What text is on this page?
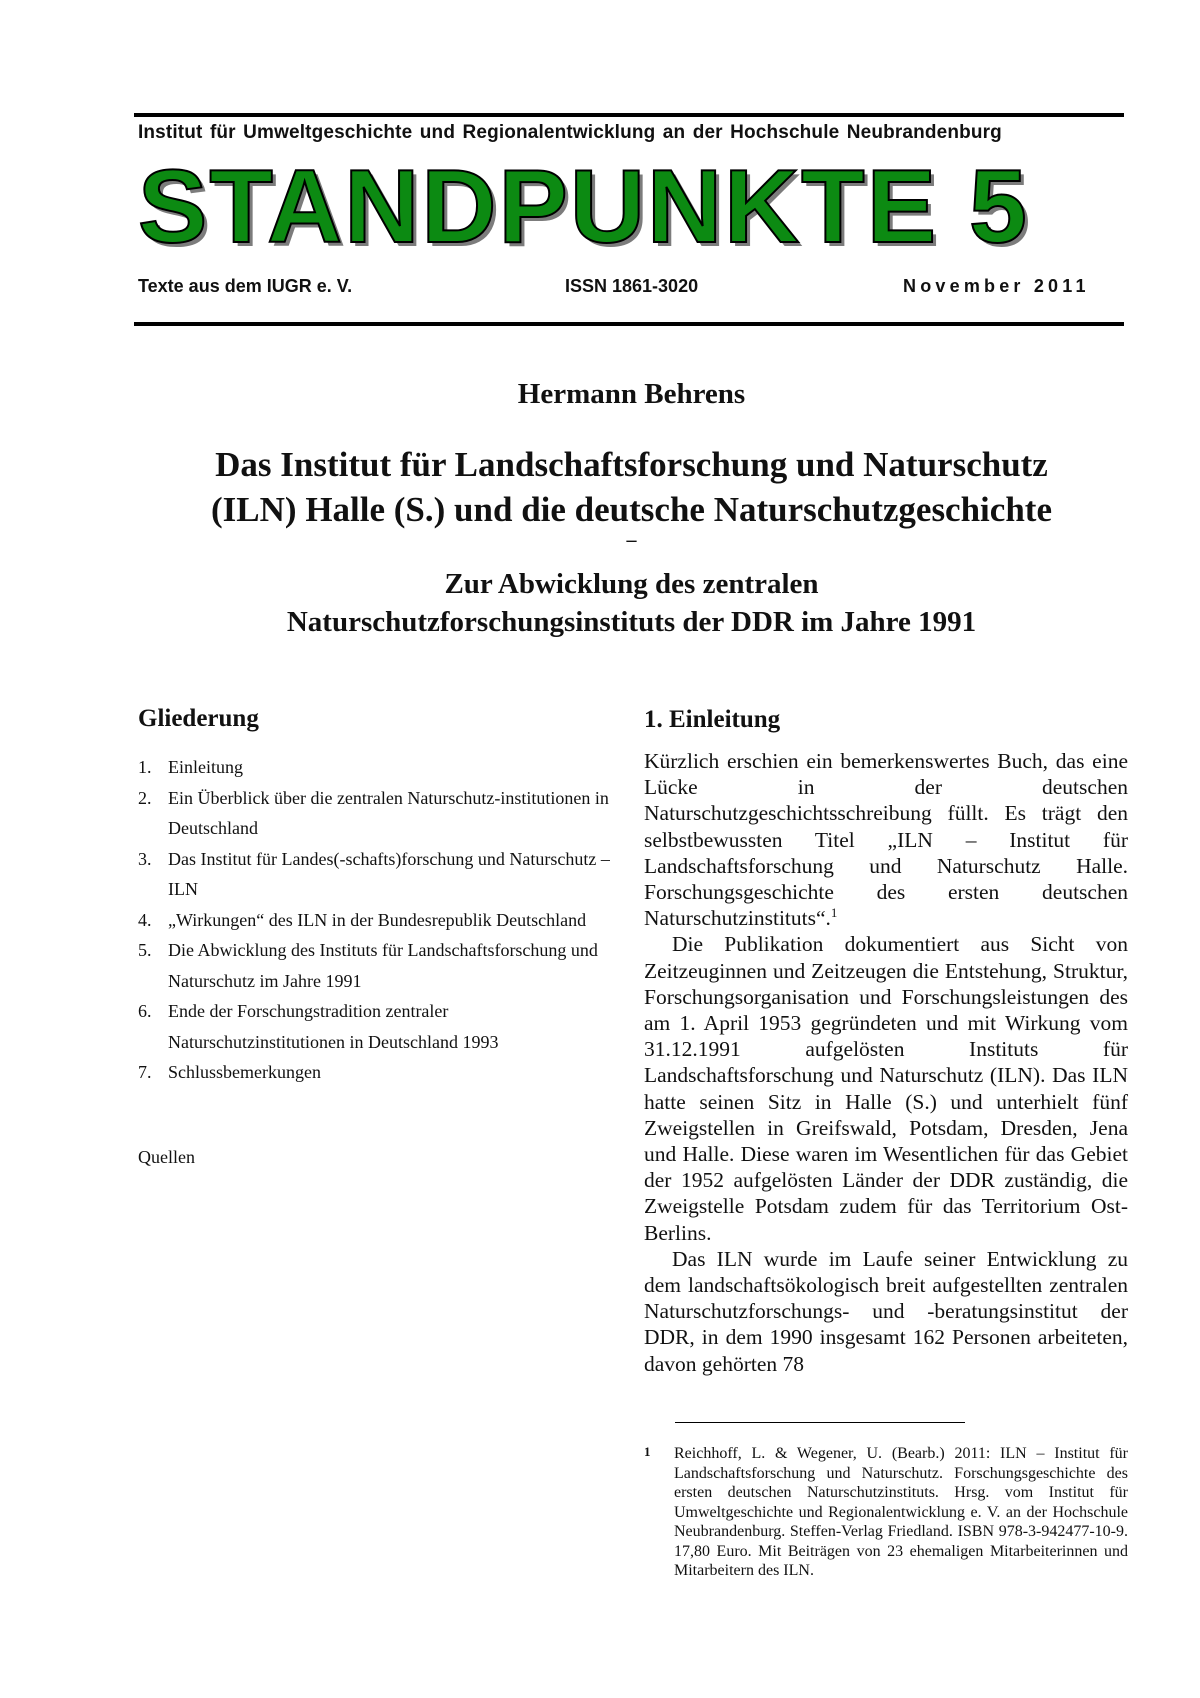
Institut für Umweltgeschichte und Regionalentwicklung an der Hochschule Neubrandenburg
STANDPUNKTE 5
Texte aus dem IUGR e. V.	ISSN 1861-3020	November 2011
Hermann Behrens
Das Institut für Landschaftsforschung und Naturschutz
(ILN) Halle (S.) und die deutsche Naturschutzgeschichte
–
Zur Abwicklung des zentralen
Naturschutzforschungsinstituts der DDR im Jahre 1991
Gliederung
1. Einleitung
2. Ein Überblick über die zentralen Naturschutz-institutionen in Deutschland
3. Das Institut für Landes(-schafts)forschung und Naturschutz – ILN
4. „Wirkungen“ des ILN in der Bundesrepublik Deutschland
5. Die Abwicklung des Instituts für Landschaftsforschung und Naturschutz im Jahre 1991
6. Ende der Forschungstradition zentraler Naturschutzinstitutionen in Deutschland 1993
7. Schlussbemerkungen
Quellen
1. Einleitung

Kürzlich erschien ein bemerkenswertes Buch, das eine Lücke in der deutschen Naturschutzgeschichtsschreibung füllt. Es trägt den selbstbewussten Titel „ILN – Institut für Landschaftsforschung und Naturschutz Halle. Forschungsgeschichte des ersten deutschen Naturschutzinstituts“.$^1$

Die Publikation dokumentiert aus Sicht von Zeitzeuginnen und Zeitzeugen die Entstehung, Struktur, Forschungsorganisation und Forschungsleistungen des am 1. April 1953 gegründeten und mit Wirkung vom 31.12.1991 aufgelösten Instituts für Landschaftsforschung und Naturschutz (ILN). Das ILN hatte seinen Sitz in Halle (S.) und unterhielt fünf Zweigstellen in Greifswald, Potsdam, Dresden, Jena und Halle. Diese waren im Wesentlichen für das Gebiet der 1952 aufgelösten Länder der DDR zuständig, die Zweigstelle Potsdam zudem für das Territorium Ost-Berlins.

Das ILN wurde im Laufe seiner Entwicklung zu dem landschaftsökologisch breit aufgestellten zentralen Naturschutzforschungs- und -beratungsinstitut der DDR, in dem 1990 insgesamt 162 Personen arbeiteten, davon gehörten 78

1 Reichhoff, L. & Wegener, U. (Bearb.) 2011: ILN – Institut für Landschaftsforschung und Naturschutz. Forschungsgeschichte des ersten deutschen Naturschutzinstituts. Hrsg. vom Institut für Umweltgeschichte und Regionalentwicklung e. V. an der Hochschule Neubrandenburg. Steffen-Verlag Friedland. ISBN 978-3-942477-10-9. 17,80 Euro. Mit Beiträgen von 23 ehemaligen Mitarbeiterinnen und Mitarbeitern des ILN.
